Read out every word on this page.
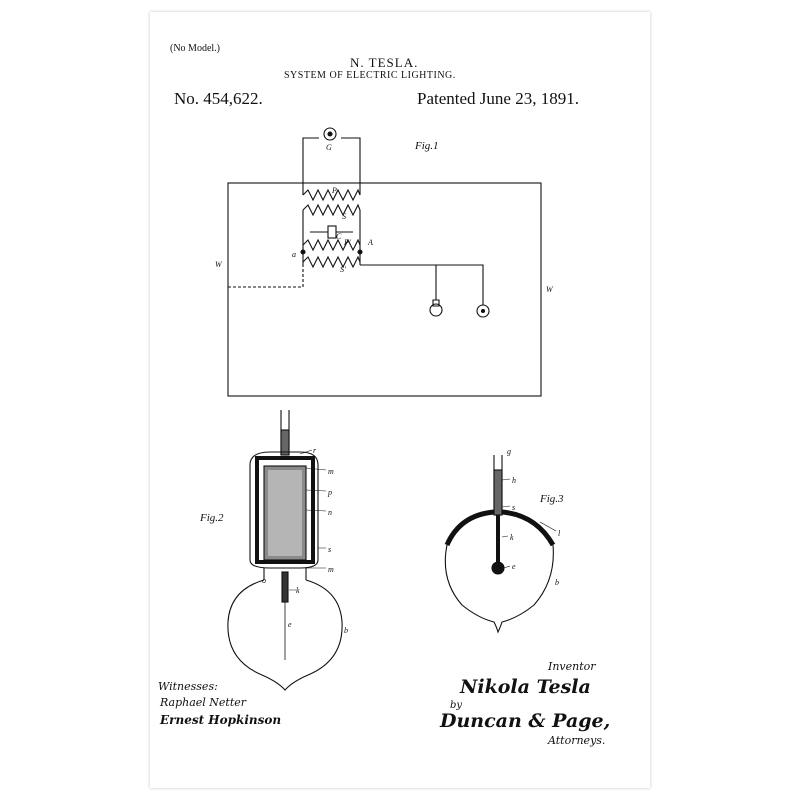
(No Model.)
N. TESLA.
SYSTEM OF ELECTRIC LIGHTING.
No. 454,622.	Patented June 23, 1891.
Fig.1
Fig.2
Fig.3
G
P
S
C
P' A
a
S'
W
W
r
m
p
n
s
m
o
k
e
b
g
h
s
l
k
e
b
Witnesses:
Raphael Netter
Ernest Hopkinson
Inventor
Nikola Tesla
by
Duncan & Page,
Attorneys.
